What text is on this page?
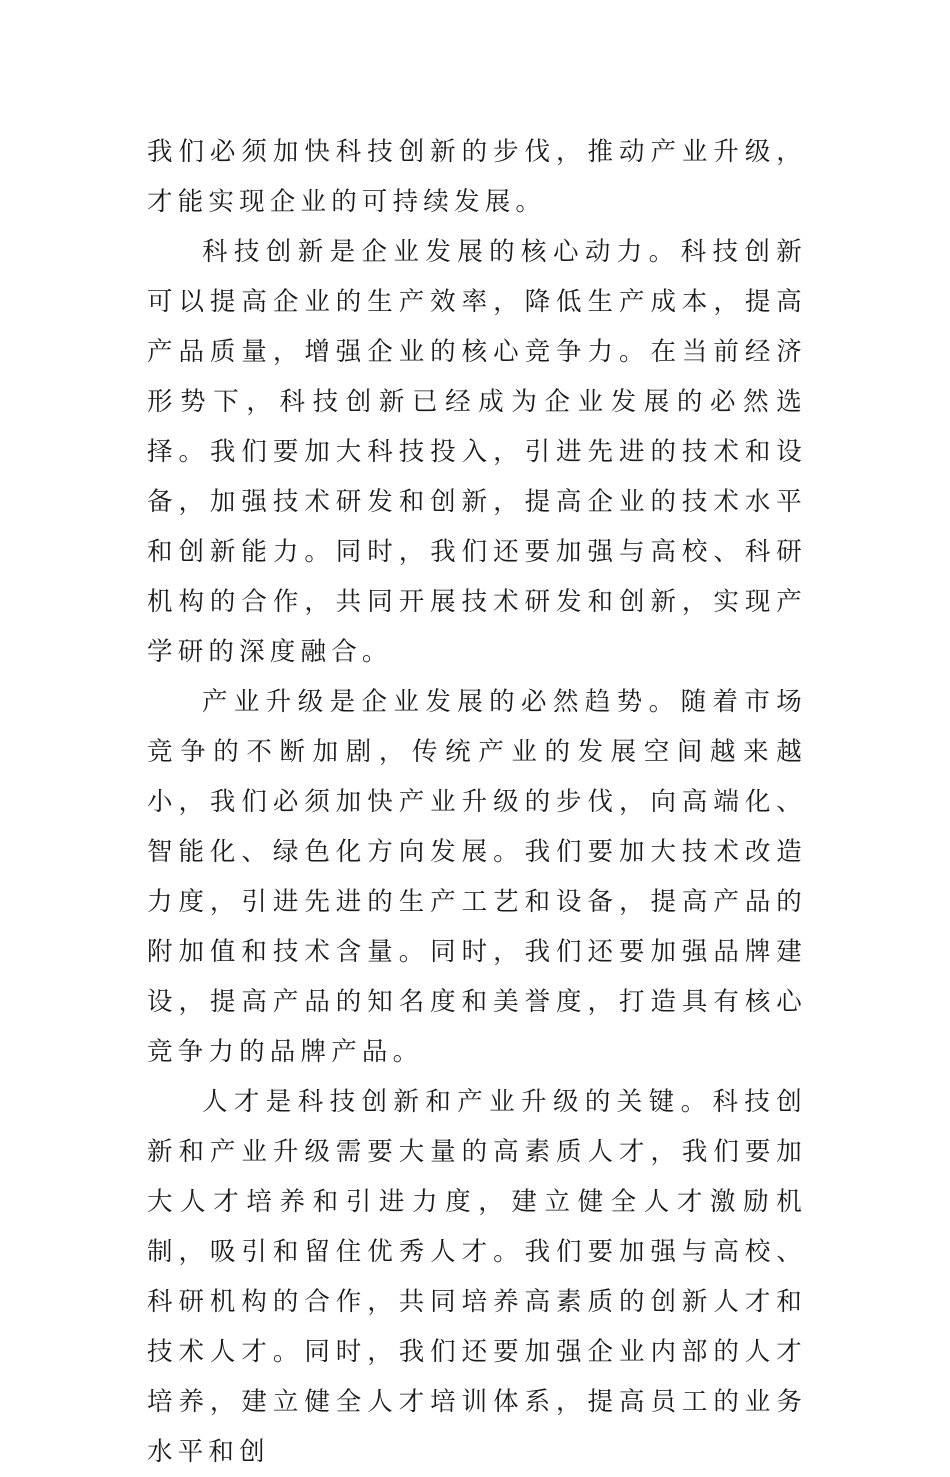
我们必须加快科技创新的步伐，推动产业升级，才能实现企业的可持续发展。

科技创新是企业发展的核心动力。科技创新可以提高企业的生产效率，降低生产成本，提高产品质量，增强企业的核心竞争力。在当前经济形势下，科技创新已经成为企业发展的必然选择。我们要加大科技投入，引进先进的技术和设备，加强技术研发和创新，提高企业的技术水平和创新能力。同时，我们还要加强与高校、科研机构的合作，共同开展技术研发和创新，实现产学研的深度融合。

产业升级是企业发展的必然趋势。随着市场竞争的不断加剧，传统产业的发展空间越来越小，我们必须加快产业升级的步伐，向高端化、智能化、绿色化方向发展。我们要加大技术改造力度，引进先进的生产工艺和设备，提高产品的附加值和技术含量。同时，我们还要加强品牌建设，提高产品的知名度和美誉度，打造具有核心竞争力的品牌产品。

人才是科技创新和产业升级的关键。科技创新和产业升级需要大量的高素质人才，我们要加大人才培养和引进力度，建立健全人才激励机制，吸引和留住优秀人才。我们要加强与高校、科研机构的合作，共同培养高素质的创新人才和技术人才。同时，我们还要加强企业内部的人才培养，建立健全人才培训体系，提高员工的业务水平和创
